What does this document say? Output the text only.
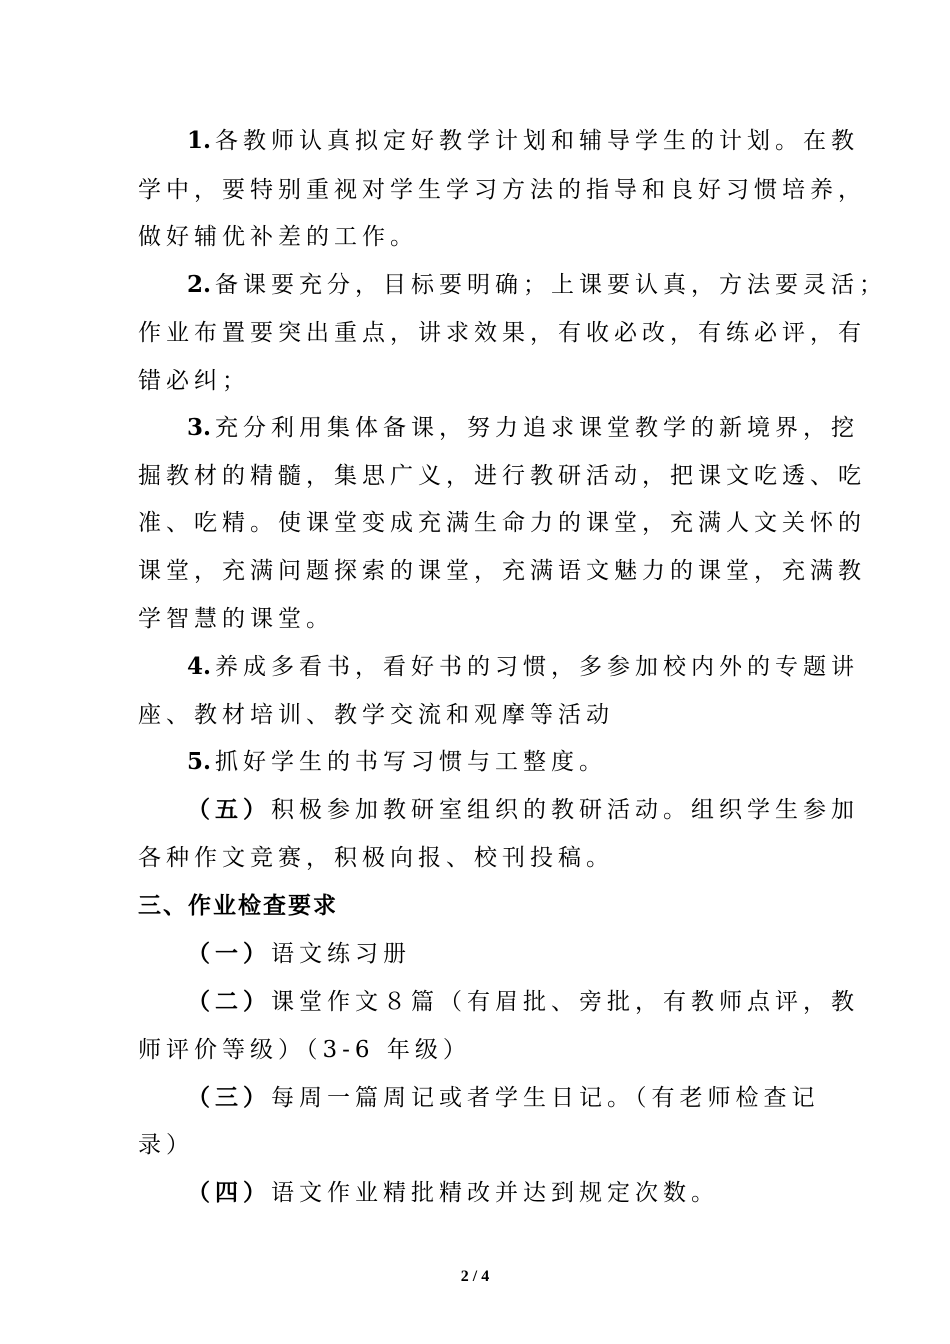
1. 各教师认真拟定好教学计划和辅导学生的计划。在教
学中，要特别重视对学生学习方法的指导和良好习惯培养，
做好辅优补差的工作。
2. 备课要充分，目标要明确；上课要认真，方法要灵活；
作业布置要突出重点，讲求效果，有收必改，有练必评，有
错必纠；
3. 充分利用集体备课，努力追求课堂教学的新境界，挖
掘教材的精髓，集思广义，进行教研活动，把课文吃透、吃
准、吃精。使课堂变成充满生命力的课堂，充满人文关怀的
课堂，充满问题探索的课堂，充满语文魅力的课堂，充满教
学智慧的课堂。
4. 养成多看书，看好书的习惯，多参加校内外的专题讲
座、教材培训、教学交流和观摩等活动
5. 抓好学生的书写习惯与工整度。
（五）积极参加教研室组织的教研活动。组织学生参加
各种作文竞赛，积极向报、校刊投稿。
三、作业检查要求
（一）语文练习册
（二）课堂作文８篇（有眉批、旁批，有教师点评，教
师评价等级）（3-6 年级）
（三）每周一篇周记或者学生日记。（有老师检查记
录）
（四）语文作业精批精改并达到规定次数。
2 / 4
